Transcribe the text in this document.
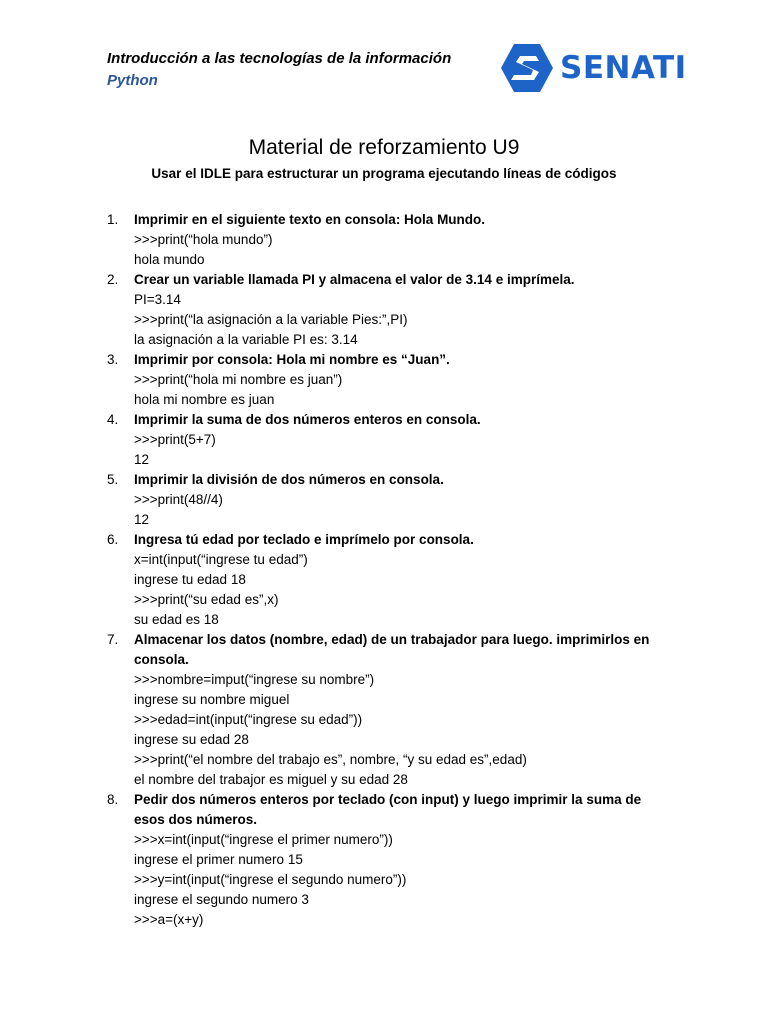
Introducción a las tecnologías de la información
Python	SENATI
Material de reforzamiento U9
Usar el IDLE para estructurar un programa ejecutando líneas de códigos
1. Imprimir en el siguiente texto en consola: Hola Mundo.
>>>print(“hola mundo”)
hola mundo
2. Crear un variable llamada PI y almacena el valor de 3.14 e imprímela.
PI=3.14
>>>print(“la asignación a la variable Pies:”,PI)
la asignación a la variable PI es: 3.14
3. Imprimir por consola: Hola mi nombre es “Juan”.
>>>print(“hola mi nombre es juan”)
hola mi nombre es juan
4. Imprimir la suma de dos números enteros en consola.
>>>print(5+7)
12
5. Imprimir la división de dos números en consola.
>>>print(48//4)
12
6. Ingresa tú edad por teclado e imprímelo por consola.
x=int(input(“ingrese tu edad”)
ingrese tu edad 18
>>>print(“su edad es”,x)
su edad es 18
7. Almacenar los datos (nombre, edad) de un trabajador para luego. imprimirlos en consola.
>>>nombre=imput(“ingrese su nombre”)
ingrese su nombre miguel
>>>edad=int(input(“ingrese su edad”))
ingrese su edad 28
>>>print(“el nombre del trabajo es”, nombre, “y su edad es”,edad)
el nombre del trabajor es miguel y su edad 28
8. Pedir dos números enteros por teclado (con input) y luego imprimir la suma de esos dos números.
>>>x=int(input(“ingrese el primer numero”))
ingrese el primer numero 15
>>>y=int(input(“ingrese el segundo numero”))
ingrese el segundo numero 3
>>>a=(x+y)
